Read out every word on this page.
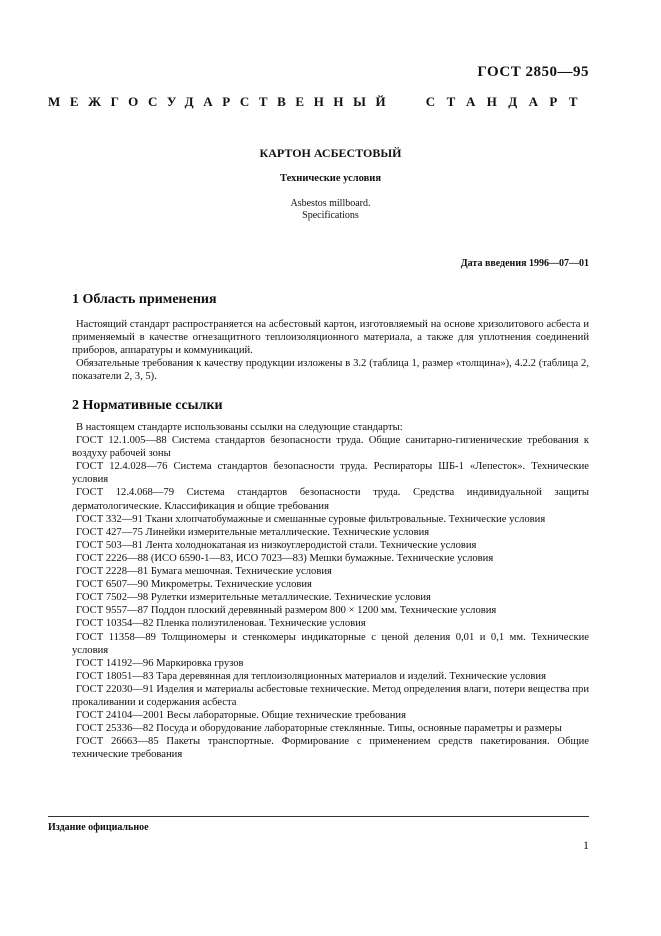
ГОСТ 2850—95
МЕЖГОСУДАРСТВЕННЫЙ СТАНДАРТ
КАРТОН АСБЕСТОВЫЙ
Технические условия
Asbestos millboard.
Specifications
Дата введения 1996—07—01
1 Область применения

Настоящий стандарт распространяется на асбестовый картон, изготовляемый на основе хризолитового асбеста и применяемый в качестве огнезащитного теплоизоляционного материала, а также для уплотнения соединений приборов, аппаратуры и коммуникаций.

Обязательные требования к качеству продукции изложены в 3.2 (таблица 1, размер «толщина»), 4.2.2 (таблица 2, показатели 2, 3, 5).

2 Нормативные ссылки

В настоящем стандарте использованы ссылки на следующие стандарты:

ГОСТ 12.1.005—88 Система стандартов безопасности труда. Общие санитарно-гигиенические требования к воздуху рабочей зоны

ГОСТ 12.4.028—76 Система стандартов безопасности труда. Респираторы ШБ-1 «Лепесток». Технические условия

ГОСТ 12.4.068—79 Система стандартов безопасности труда. Средства индивидуальной защиты дерматологические. Классификация и общие требования

ГОСТ 332—91 Ткани хлопчатобумажные и смешанные суровые фильтровальные. Технические условия

ГОСТ 427—75 Линейки измерительные металлические. Технические условия

ГОСТ 503—81 Лента холоднокатаная из низкоуглеродистой стали. Технические условия

ГОСТ 2226—88 (ИСО 6590-1—83, ИСО 7023—83) Мешки бумажные. Технические условия

ГОСТ 2228—81 Бумага мешочная. Технические условия

ГОСТ 6507—90 Микрометры. Технические условия

ГОСТ 7502—98 Рулетки измерительные металлические. Технические условия

ГОСТ 9557—87 Поддон плоский деревянный размером 800 × 1200 мм. Технические условия

ГОСТ 10354—82 Пленка полиэтиленовая. Технические условия

ГОСТ 11358—89 Толщиномеры и стенкомеры индикаторные с ценой деления 0,01 и 0,1 мм. Технические условия

ГОСТ 14192—96 Маркировка грузов

ГОСТ 18051—83 Тара деревянная для теплоизоляционных материалов и изделий. Технические условия

ГОСТ 22030—91 Изделия и материалы асбестовые технические. Метод определения влаги, потери вещества при прокаливании и содержания асбеста

ГОСТ 24104—2001 Весы лабораторные. Общие технические требования

ГОСТ 25336—82 Посуда и оборудование лабораторные стеклянные. Типы, основные параметры и размеры

ГОСТ 26663—85 Пакеты транспортные. Формирование с применением средств пакетирования. Общие технические требования

Издание официальное
1
